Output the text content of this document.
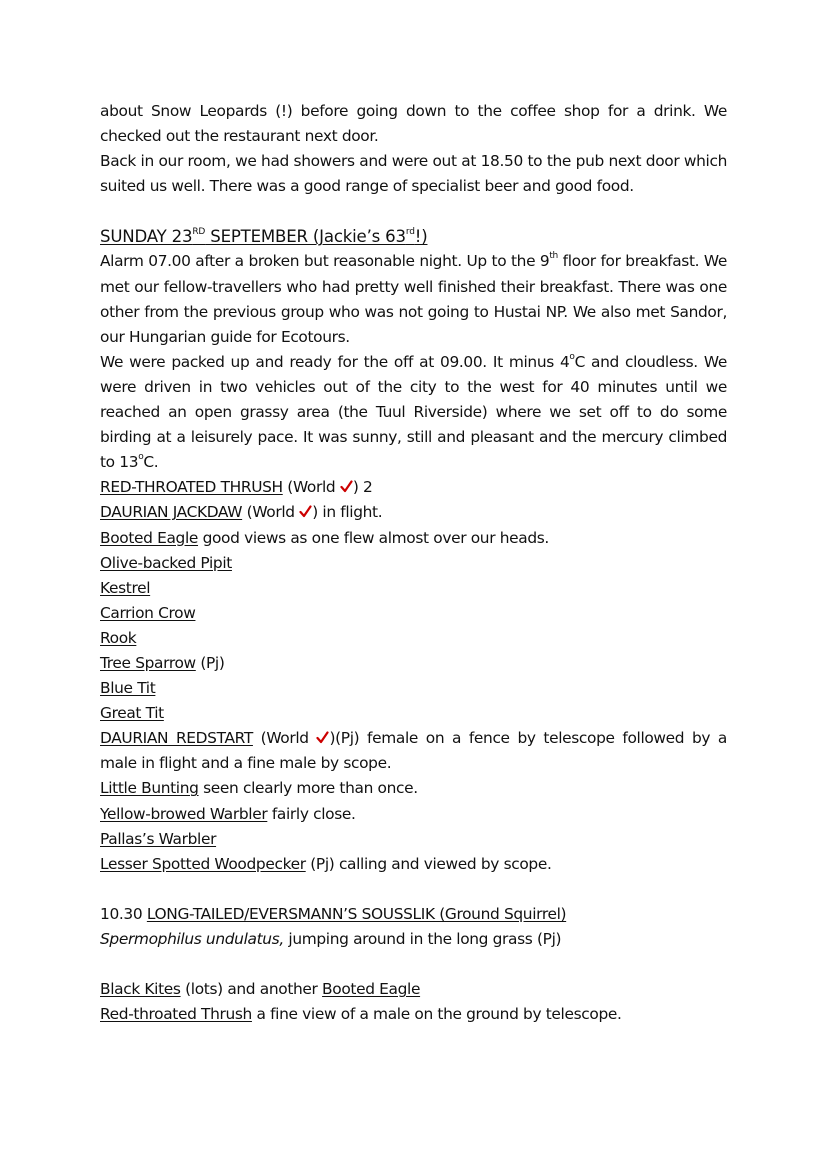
about Snow Leopards (!) before going down to the coffee shop for a drink. We checked out the restaurant next door.

Back in our room, we had showers and were out at 18.50 to the pub next door which suited us well. There was a good range of specialist beer and good food.

SUNDAY 23RD SEPTEMBER (Jackie’s 63rd!)

Alarm 07.00 after a broken but reasonable night. Up to the 9th floor for breakfast. We met our fellow-travellers who had pretty well finished their breakfast. There was one other from the previous group who was not going to Hustai NP. We also met Sandor, our Hungarian guide for Ecotours.

We were packed up and ready for the off at 09.00. It minus 4$^o$C and cloudless. We were driven in two vehicles out of the city to the west for 40 minutes until we reached an open grassy area (the Tuul Riverside) where we set off to do some birding at a leisurely pace. It was sunny, still and pleasant and the mercury climbed to 13$^o$C.

RED-THROATED THRUSH (World
) 2

DAURIAN JACKDAW (World
) in flight.

Booted Eagle good views as one flew almost over our heads.

Olive-backed Pipit

Kestrel

Carrion Crow

Rook

Tree Sparrow (Pj)

Blue Tit

Great Tit

DAURIAN REDSTART (World
)(Pj) female on a fence by telescope followed by a male in flight and a fine male by scope.

Little Bunting seen clearly more than once.

Yellow-browed Warbler fairly close.

Pallas’s Warbler

Lesser Spotted Woodpecker (Pj) calling and viewed by scope.

10.30 LONG-TAILED/EVERSMANN’S SOUSSLIK (Ground Squirrel)

Spermophilus undulatus, jumping around in the long grass (Pj)

Black Kites (lots) and another Booted Eagle

Red-throated Thrush a fine view of a male on the ground by telescope.
